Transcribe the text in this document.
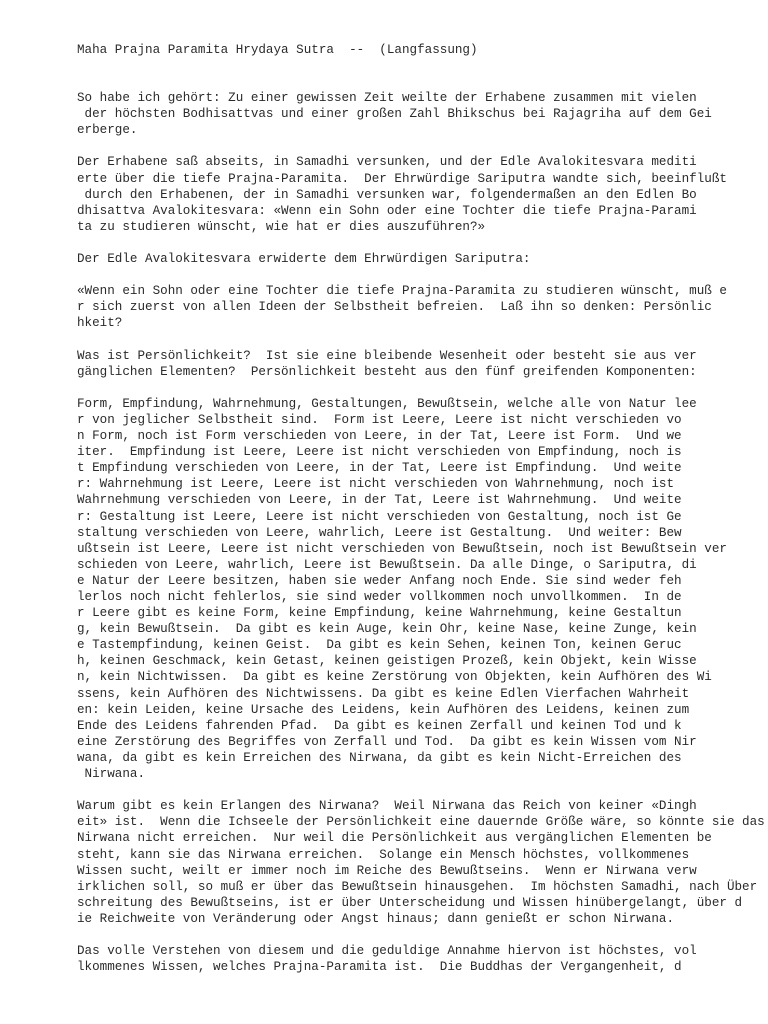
Maha Prajna Paramita Hrydaya Sutra  --  (Langfassung)
So habe ich gehört: Zu einer gewissen Zeit weilte der Erhabene zusammen mit vielen
der höchsten Bodhisattvas und einer großen Zahl Bhikschus bei Rajagriha auf dem Gei
erberge.
Der Erhabene saß abseits, in Samadhi versunken, und der Edle Avalokitesvara mediti
erte über die tiefe Prajna-Paramita.  Der Ehrwürdige Sariputra wandte sich, beeinflußt
durch den Erhabenen, der in Samadhi versunken war, folgendermaßen an den Edlen Bo
dhisattva Avalokitesvara: «Wenn ein Sohn oder eine Tochter die tiefe Prajna-Parami
ta zu studieren wünscht, wie hat er dies auszuführen?»
Der Edle Avalokitesvara erwiderte dem Ehrwürdigen Sariputra:
«Wenn ein Sohn oder eine Tochter die tiefe Prajna-Paramita zu studieren wünscht, muß e
r sich zuerst von allen Ideen der Selbstheit befreien.  Laß ihn so denken: Persönlic
hkeit?
Was ist Persönlichkeit?  Ist sie eine bleibende Wesenheit oder besteht sie aus ver
gänglichen Elementen?  Persönlichkeit besteht aus den fünf greifenden Komponenten:
Form, Empfindung, Wahrnehmung, Gestaltungen, Bewußtsein, welche alle von Natur lee
r von jeglicher Selbstheit sind.  Form ist Leere, Leere ist nicht verschieden vo
n Form, noch ist Form verschieden von Leere, in der Tat, Leere ist Form.  Und we
iter.  Empfindung ist Leere, Leere ist nicht verschieden von Empfindung, noch is
t Empfindung verschieden von Leere, in der Tat, Leere ist Empfindung.  Und weite
r: Wahrnehmung ist Leere, Leere ist nicht verschieden von Wahrnehmung, noch ist
Wahrnehmung verschieden von Leere, in der Tat, Leere ist Wahrnehmung.  Und weite
r: Gestaltung ist Leere, Leere ist nicht verschieden von Gestaltung, noch ist Ge
staltung verschieden von Leere, wahrlich, Leere ist Gestaltung.  Und weiter: Bew
ußtsein ist Leere, Leere ist nicht verschieden von Bewußtsein, noch ist Bewußtsein ver
schieden von Leere, wahrlich, Leere ist Bewußtsein. Da alle Dinge, o Sariputra, di
e Natur der Leere besitzen, haben sie weder Anfang noch Ende. Sie sind weder feh
lerlos noch nicht fehlerlos, sie sind weder vollkommen noch unvollkommen.  In de
r Leere gibt es keine Form, keine Empfindung, keine Wahrnehmung, keine Gestaltun
g, kein Bewußtsein.  Da gibt es kein Auge, kein Ohr, keine Nase, keine Zunge, kein
e Tastempfindung, keinen Geist.  Da gibt es kein Sehen, keinen Ton, keinen Geruc
h, keinen Geschmack, kein Getast, keinen geistigen Prozeß, kein Objekt, kein Wisse
n, kein Nichtwissen.  Da gibt es keine Zerstörung von Objekten, kein Aufhören des Wi
ssens, kein Aufhören des Nichtwissens. Da gibt es keine Edlen Vierfachen Wahrheit
en: kein Leiden, keine Ursache des Leidens, kein Aufhören des Leidens, keinen zum
Ende des Leidens fahrenden Pfad.  Da gibt es keinen Zerfall und keinen Tod und k
eine Zerstörung des Begriffes von Zerfall und Tod.  Da gibt es kein Wissen vom Nir
wana, da gibt es kein Erreichen des Nirwana, da gibt es kein Nicht-Erreichen des
Nirwana.
Warum gibt es kein Erlangen des Nirwana?  Weil Nirwana das Reich von keiner «Dingh
eit» ist.  Wenn die Ichseele der Persönlichkeit eine dauernde Größe wäre, so könnte sie das
Nirwana nicht erreichen.  Nur weil die Persönlichkeit aus vergänglichen Elementen be
steht, kann sie das Nirwana erreichen.  Solange ein Mensch höchstes, vollkommenes
Wissen sucht, weilt er immer noch im Reiche des Bewußtseins.  Wenn er Nirwana verw
irklichen soll, so muß er über das Bewußtsein hinausgehen.  Im höchsten Samadhi, nach Über
schreitung des Bewußtseins, ist er über Unterscheidung und Wissen hinübergelangt, über d
ie Reichweite von Veränderung oder Angst hinaus; dann genießt er schon Nirwana.
Das volle Verstehen von diesem und die geduldige Annahme hiervon ist höchstes, vol
lkommenes Wissen, welches Prajna-Paramita ist.  Die Buddhas der Vergangenheit, d
